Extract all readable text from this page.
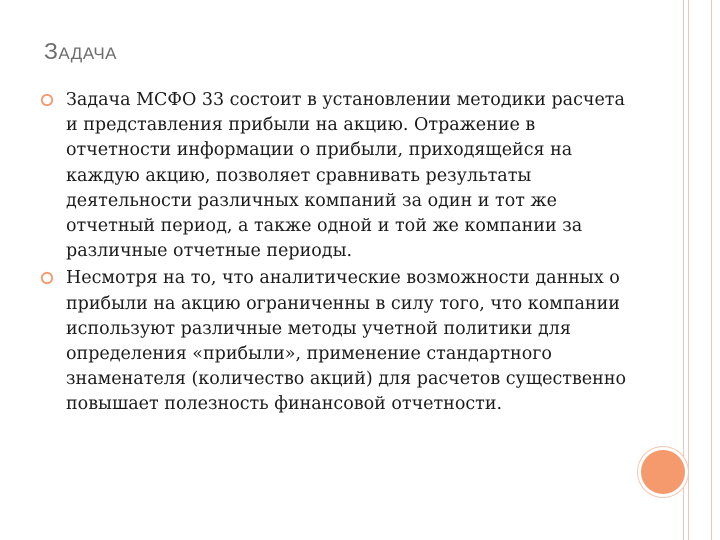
ЗАДАЧА
Задача МСФО 33 состоит в установлении методики расчета и представления прибыли на акцию. Отражение в отчетности информации о прибыли, приходящейся на каждую акцию, позволяет сравнивать результаты деятельности различных компаний за один и тот же отчетный период, а также одной и той же компании за различные отчетные периоды.
Несмотря на то, что аналитические возможности данных о прибыли на акцию ограниченны в силу того, что компании используют различные методы учетной политики для определения «прибыли», применение стандартного знаменателя (количество акций) для расчетов существенно повышает полезность финансовой отчетности.
